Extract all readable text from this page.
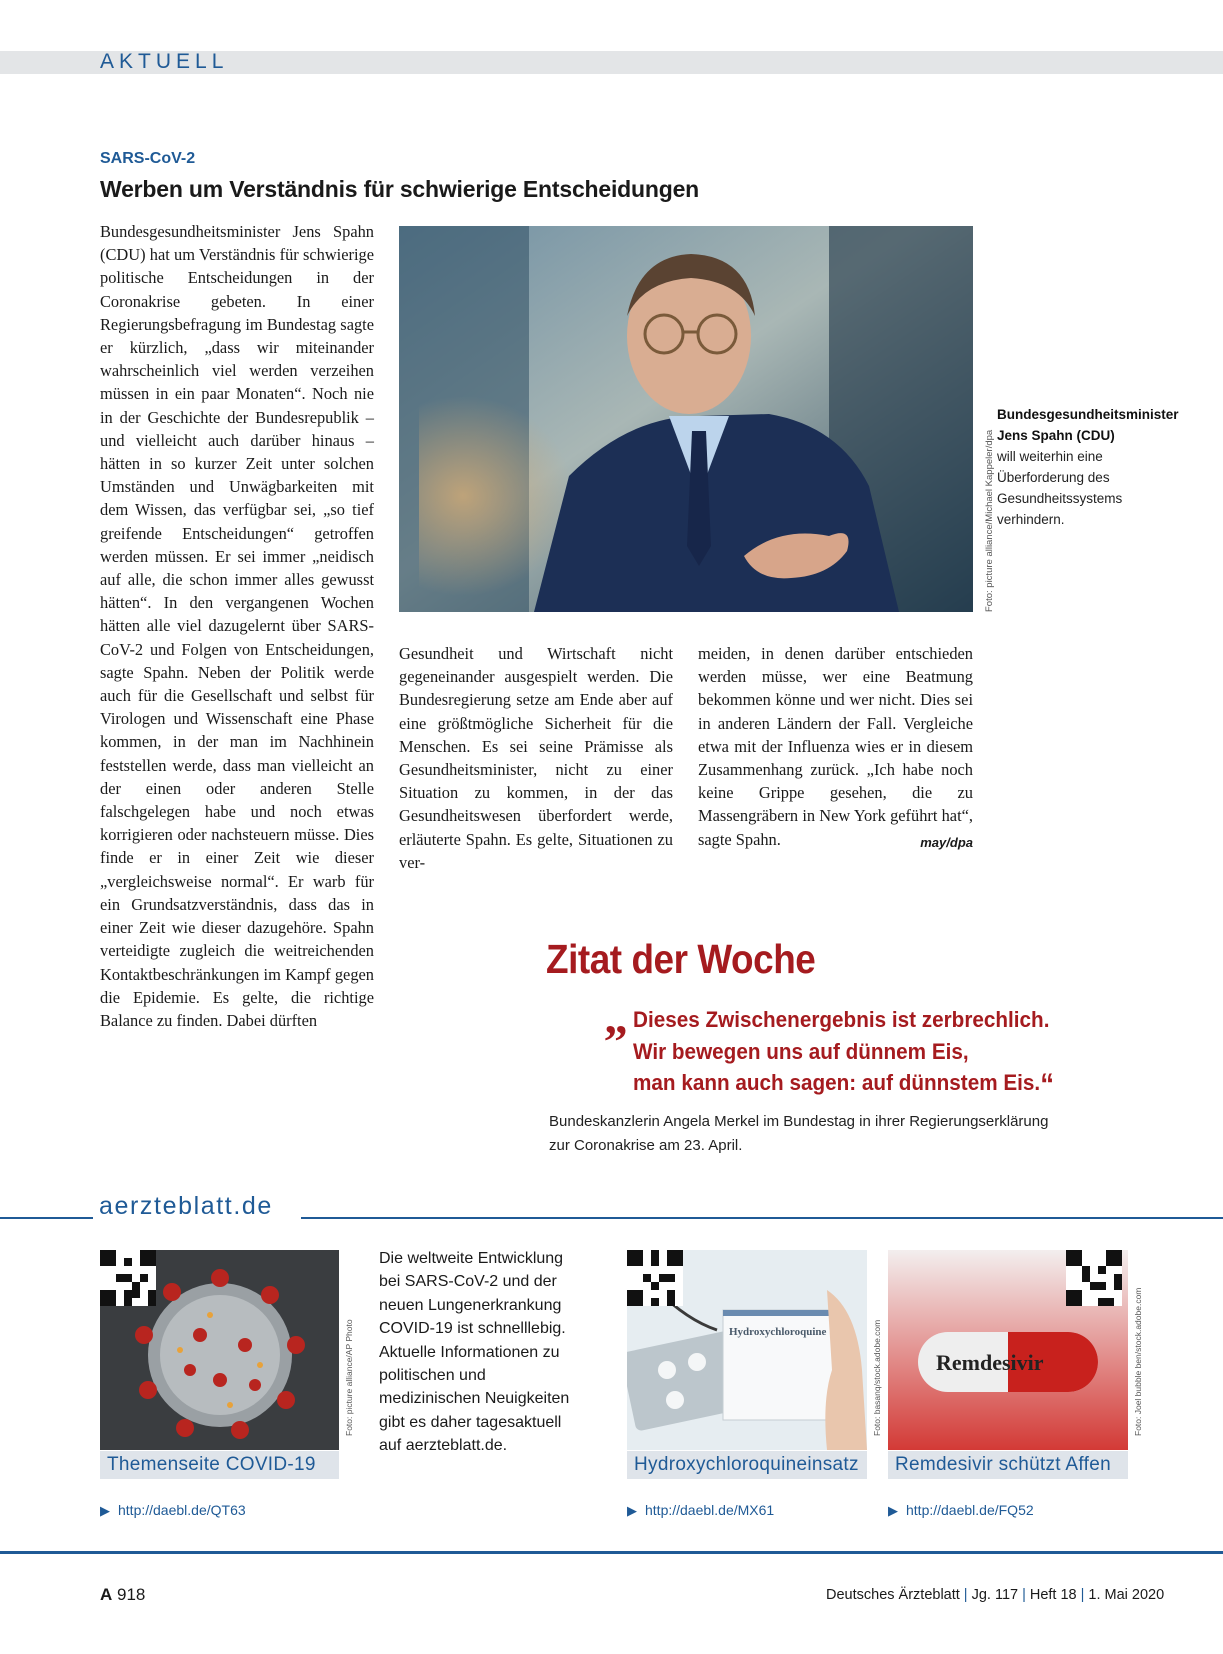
AKTUELL
SARS-CoV-2
Werben um Verständnis für schwierige Entscheidungen
Bundesgesundheitsminister Jens Spahn (CDU) hat um Verständnis für schwierige politische Entscheidungen in der Coronakrise gebeten. In einer Regierungsbefragung im Bundestag sagte er kürzlich, „dass wir miteinander wahrscheinlich viel werden verzeihen müssen in ein paar Monaten“. Noch nie in der Geschichte der Bundesrepublik – und vielleicht auch darüber hinaus – hätten in so kurzer Zeit unter solchen Umständen und Unwägbarkeiten mit dem Wissen, das verfügbar sei, „so tief greifende Entscheidungen“ getroffen werden müssen. Er sei immer „neidisch auf alle, die schon immer alles gewusst hätten“. In den vergangenen Wochen hätten alle viel dazugelernt über SARS-CoV-2 und Folgen von Entscheidungen, sagte Spahn. Neben der Politik werde auch für die Gesellschaft und selbst für Virologen und Wissenschaft eine Phase kommen, in der man im Nachhinein feststellen werde, dass man vielleicht an der einen oder anderen Stelle falschgelegen habe und noch etwas korrigieren oder nachsteuern müsse. Dies finde er in einer Zeit wie dieser „vergleichsweise normal“. Er warb für ein Grundsatzverständnis, dass das in einer Zeit wie dieser dazugehöre. Spahn verteidigte zugleich die weitreichenden Kontaktbeschränkungen im Kampf gegen die Epidemie. Es gelte, die richtige Balance zu finden. Dabei dürften
Gesundheit und Wirtschaft nicht gegeneinander ausgespielt werden. Die Bundesregierung setze am Ende aber auf eine größtmögliche Sicherheit für die Menschen. Es sei seine Prämisse als Gesundheitsminister, nicht zu einer Situation zu kommen, in der das Gesundheitswesen überfordert werde, erläuterte Spahn. Es gelte, Situationen zu ver-
meiden, in denen darüber entschieden werden müsse, wer eine Beatmung bekommen könne und wer nicht. Dies sei in anderen Ländern der Fall. Vergleiche etwa mit der Influenza wies er in diesem Zusammenhang zurück. „Ich habe noch keine Grippe gesehen, die zu Massengräbern in New York geführt hat“, sagte Spahn.	may/dpa
Foto: picture alliance/Michael Kappeler/dpa
Bundesgesundheitsminister Jens Spahn (CDU) will weiterhin eine Überforderung des Gesundheitssystems verhindern.
Zitat der Woche
„ Dieses Zwischenergebnis ist zerbrechlich.
Wir bewegen uns auf dünnem Eis,
man kann auch sagen: auf dünnstem Eis.“
Bundeskanzlerin Angela Merkel im Bundestag in ihrer Regierungserklärung zur Coronakrise am 23. April.
aerzteblatt.de
Foto: picture alliance/AP Photo
Themenseite COVID-19
▶ http://daebl.de/QT63
Die weltweite Entwicklung bei SARS-CoV-2 und der neuen Lungenerkrankung COVID-19 ist schnelllebig. Aktuelle Informationen zu politischen und medizinischen Neuigkeiten gibt es daher tagesaktuell auf aerzteblatt.de.
Hydroxychloroquine	Foto: basanq/stock.adobe.com
Hydroxychloroquineinsatz
▶ http://daebl.de/MX61
Remdesivir	Foto: Joel bubble ben/stock.adobe.com
Remdesivir schützt Affen
▶ http://daebl.de/FQ52
A 918	Deutsches Ärzteblatt | Jg. 117 | Heft 18 | 1. Mai 2020
